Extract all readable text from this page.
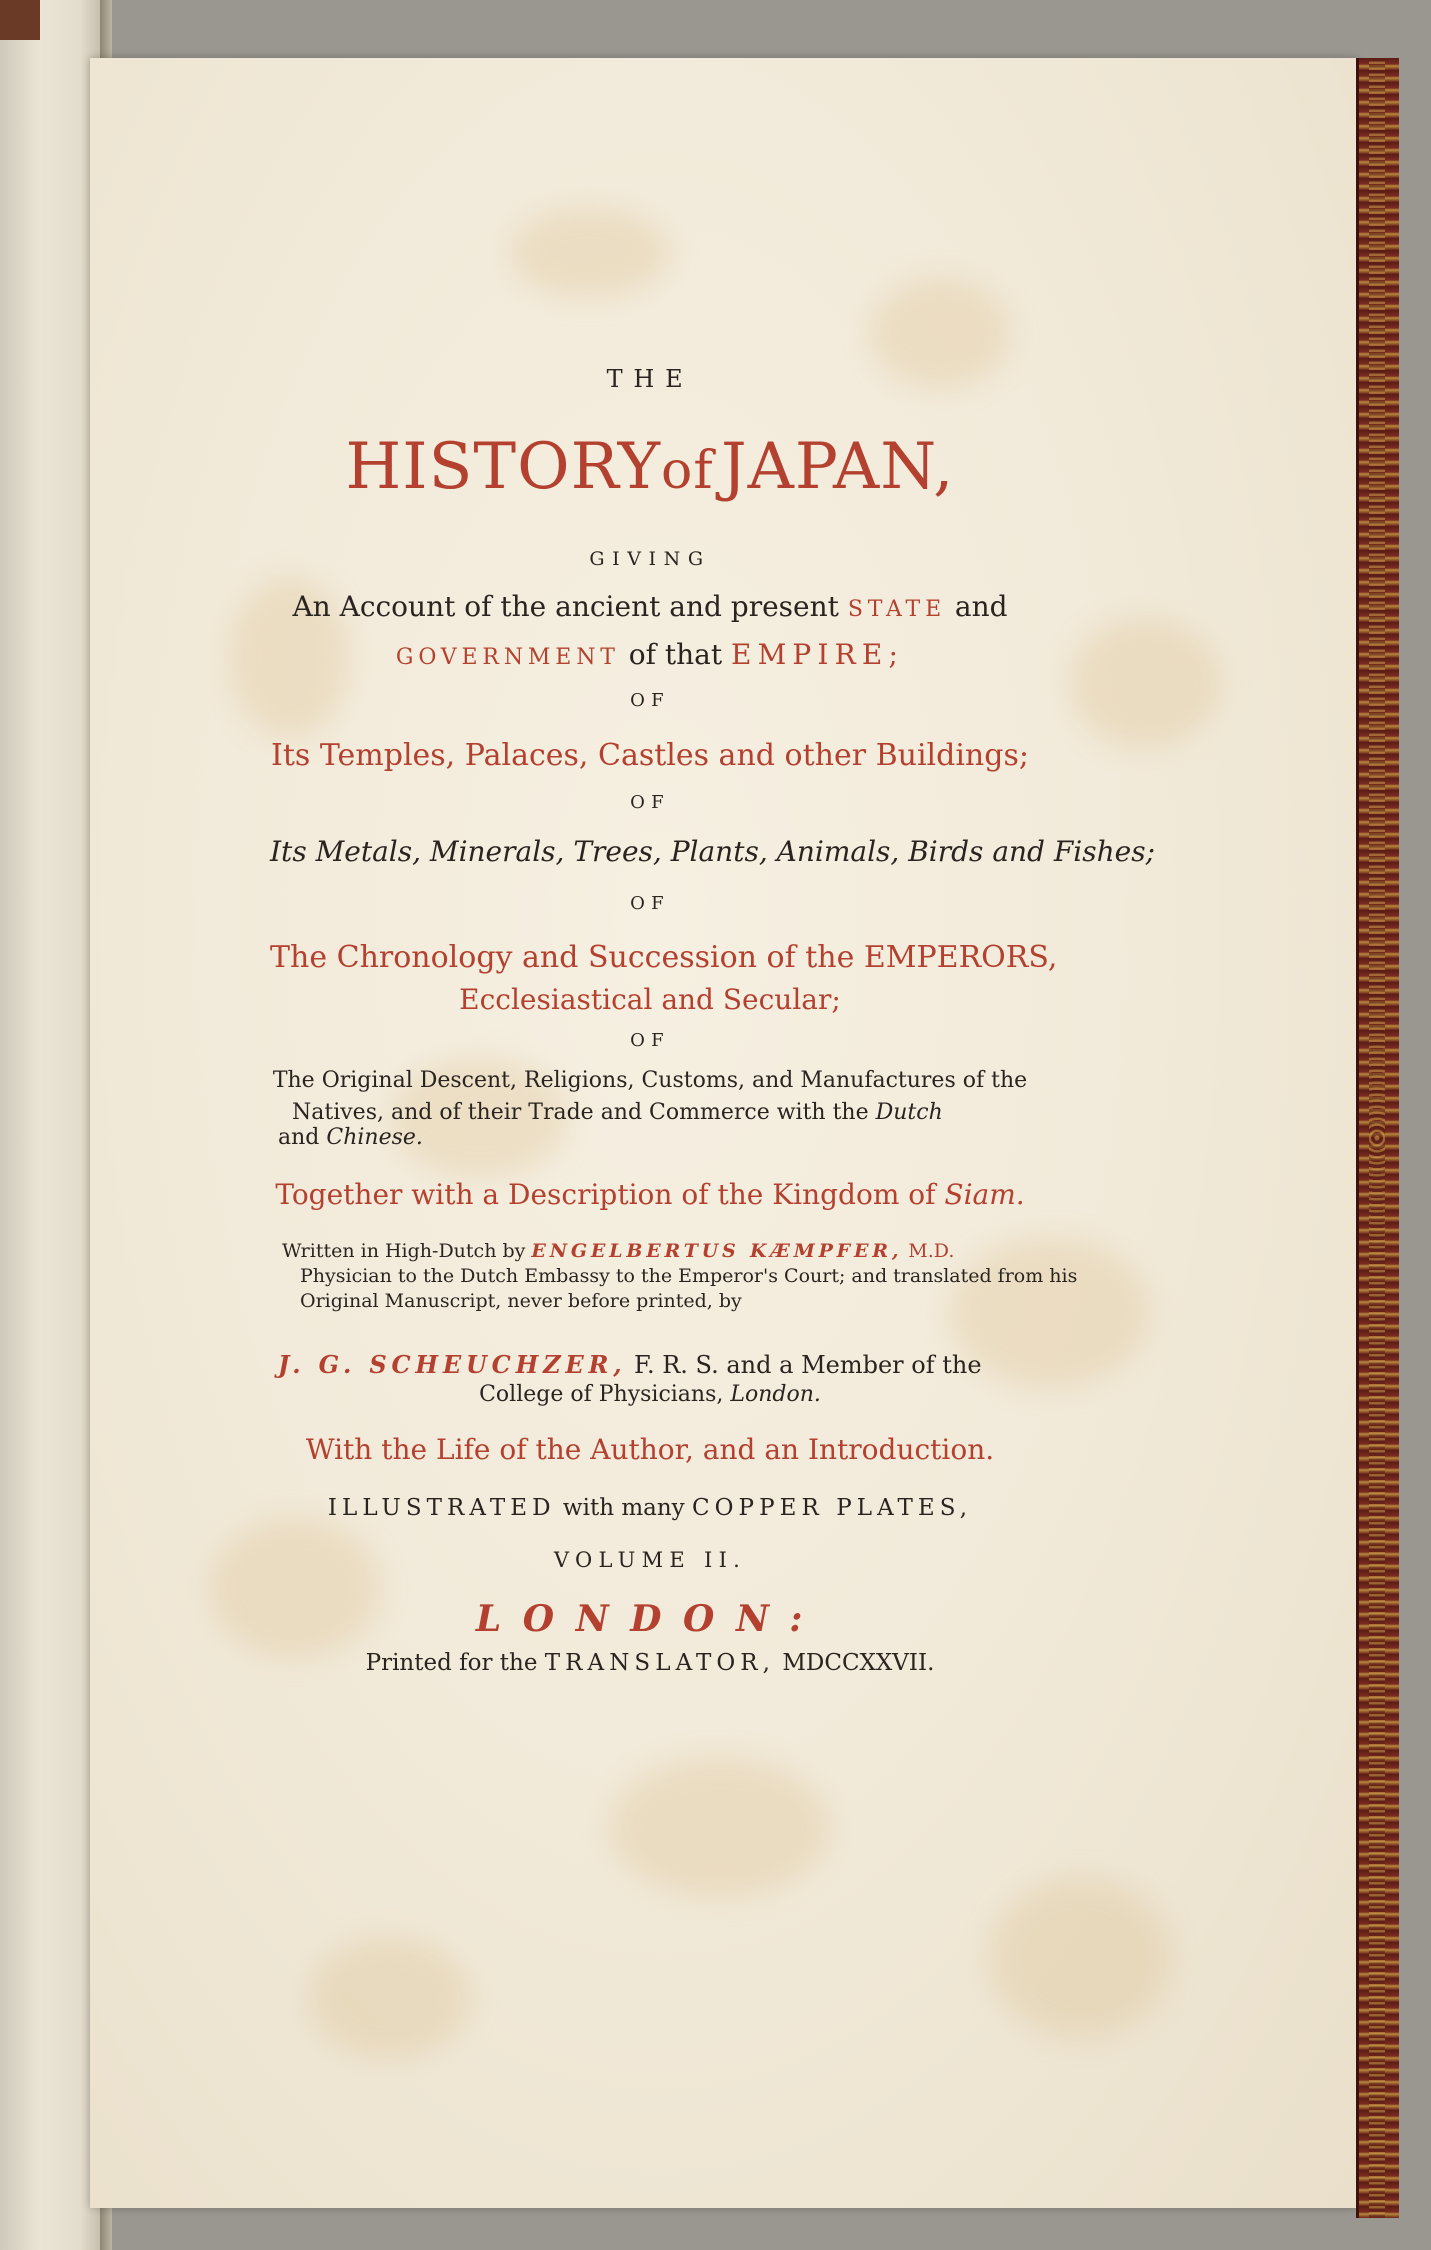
THE
HISTORYof  JAPAN,
GIVING
An Account of the ancient and present STATE and
GOVERNMENT of that EMPIRE;
OF
Its Temples, Palaces, Castles and other Buildings;
OF
Its Metals, Minerals, Trees, Plants, Animals, Birds and Fishes;
OF
The Chronology and Succession of the EMPERORS,
Ecclesiastical and Secular;
OF
The Original Descent, Religions, Customs, and Manufactures of the
Natives, and of their Trade and Commerce with the Dutch
and Chinese.
Together with a Description of the Kingdom of Siam.
Written in High-Dutch by ENGELBERTUS KÆMPFER, M.D.
Physician to the Dutch Embassy to the Emperor's Court; and translated from his
Original Manuscript, never before printed, by
J. G. SCHEUCHZER, F. R. S. and a Member of the
College of Physicians, London.
With the Life of the Author, and an Introduction.
ILLUSTRATED with many COPPER PLATES,
VOLUME II.
LONDON:
Printed for the TRANSLATOR, MDCCXXVII.
